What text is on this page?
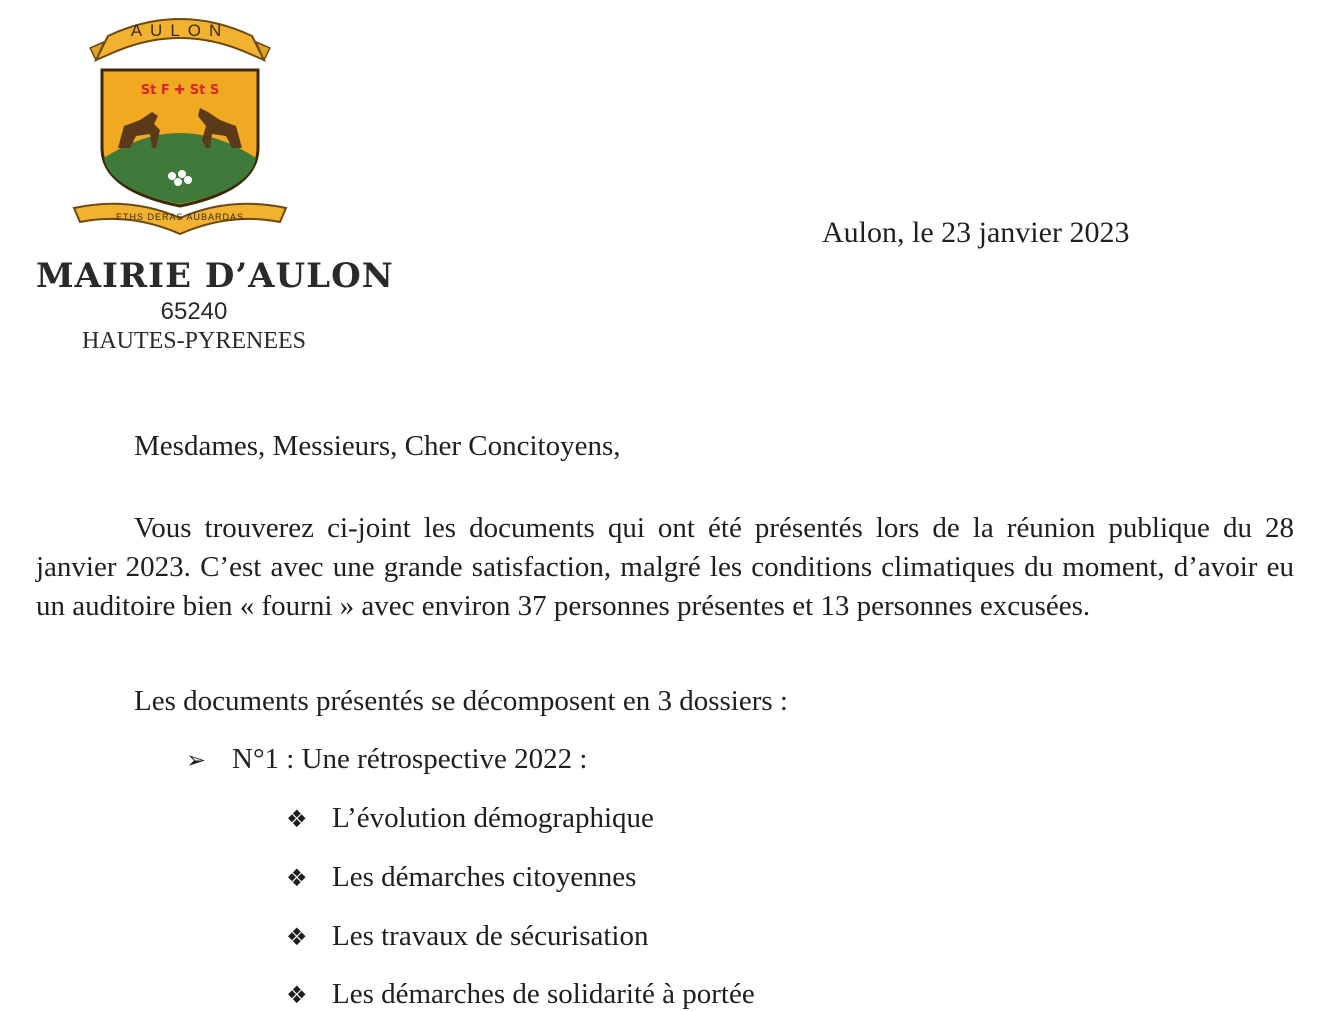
AULON
St F ✚ St S
ETHS DERAS AUBARDAS
MAIRIE D’AULON
65240
HAUTES-PYRENEES
Aulon, le 23 janvier 2023
Mesdames, Messieurs, Cher Concitoyens,

Vous trouverez ci-joint les documents qui ont été présentés lors de la réunion publique du 28 janvier 2023. C’est avec une grande satisfaction, malgré les conditions climatiques du moment, d’avoir eu un auditoire bien « fourni » avec environ 37 personnes présentes et 13 personnes excusées.

Les documents présentés se décomposent en 3 dossiers :
➢ N°1 : Une rétrospective 2022 :
❖ L’évolution démographique
❖ Les démarches citoyennes
❖ Les travaux de sécurisation
❖ Les démarches de solidarité à portée
